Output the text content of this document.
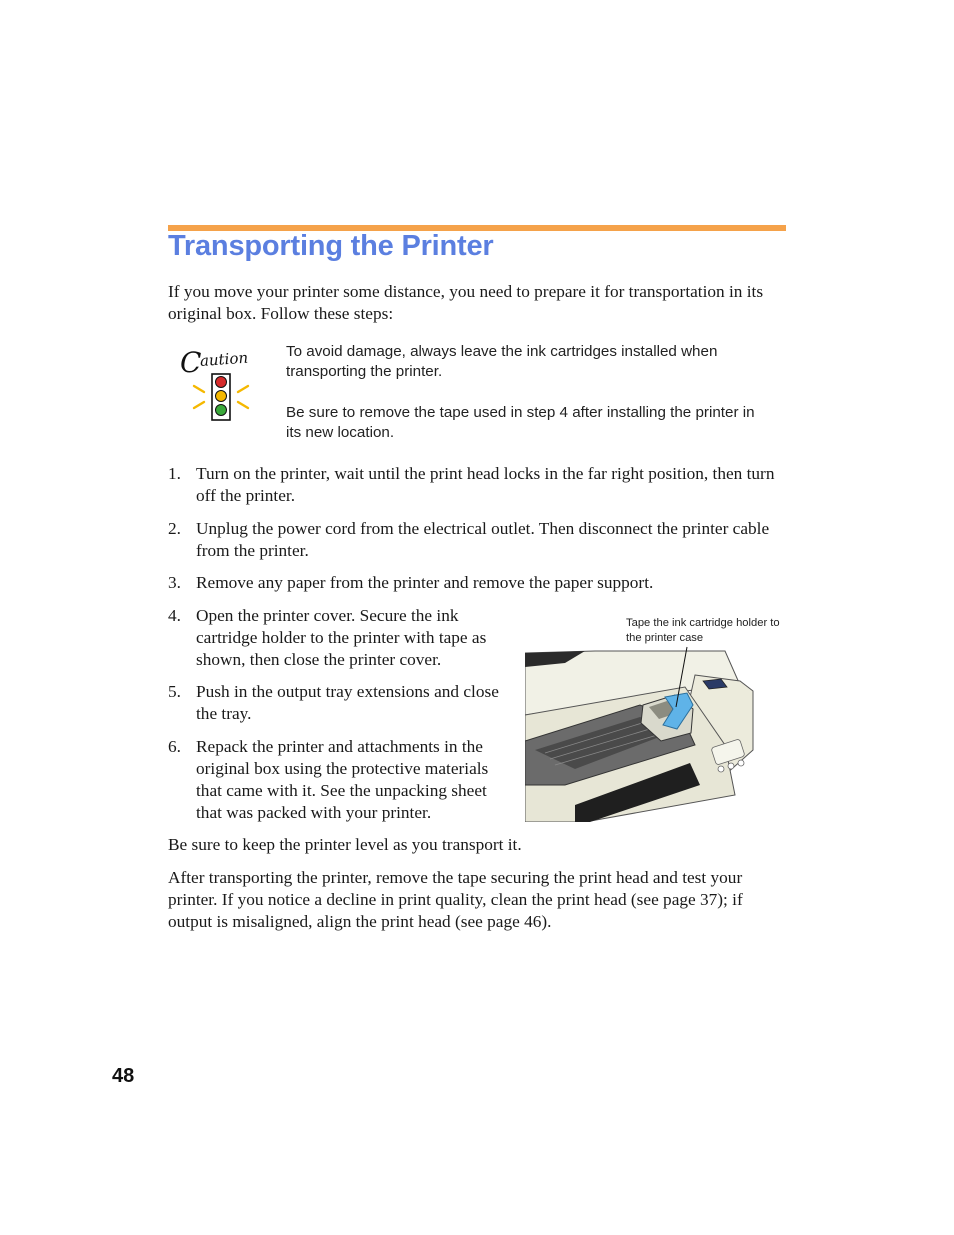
Transporting the Printer

If you move your printer some distance, you need to prepare it for transportation in its original box. Follow these steps:

C
aution To avoid damage, always leave the ink cartridges installed when transporting the printer.

Be sure to remove the tape used in step 4 after installing the printer in its new location.

1. Turn on the printer, wait until the print head locks in the far right position, then turn off the printer.
2. Unplug the power cord from the electrical outlet. Then disconnect the printer cable from the printer.
3. Remove any paper from the printer and remove the paper support.
4. Open the printer cover. Secure the ink cartridge holder to the printer with tape as shown, then close the printer cover.
5. Push in the output tray extensions and close the tray.
6. Repack the printer and attachments in the original box using the protective materials that came with it. See the unpacking sheet that was packed with your printer.

Tape the ink cartridge holder to the printer case

Be sure to keep the printer level as you transport it.

After transporting the printer, remove the tape securing the print head and test your printer. If you notice a decline in print quality, clean the print head (see page 37); if output is misaligned, align the print head (see page 46).

48
